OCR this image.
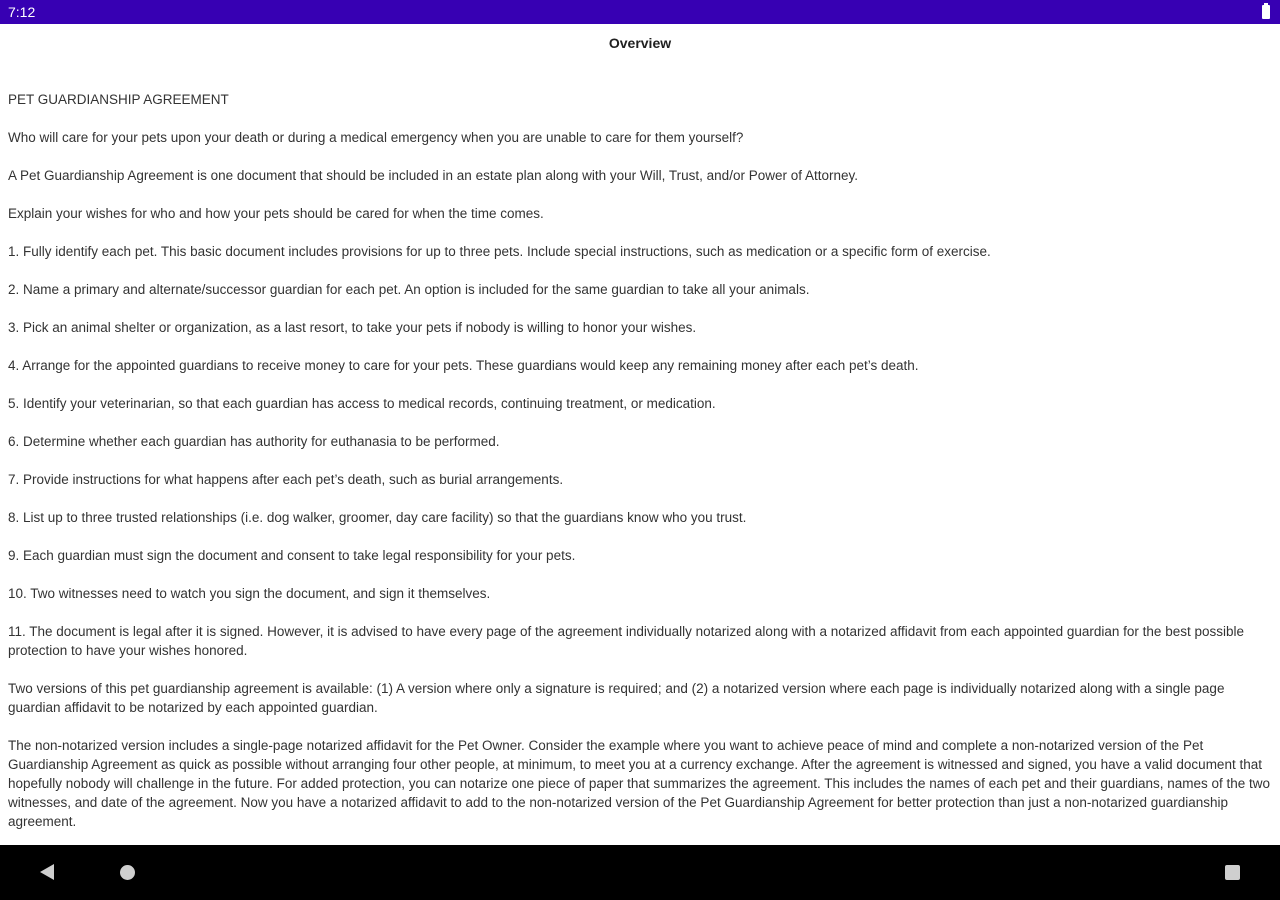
7:12
Overview

PET GUARDIANSHIP AGREEMENT

Who will care for your pets upon your death or during a medical emergency when you are unable to care for them yourself?

A Pet Guardianship Agreement is one document that should be included in an estate plan along with your Will, Trust, and/or Power of Attorney.

Explain your wishes for who and how your pets should be cared for when the time comes.

1. Fully identify each pet. This basic document includes provisions for up to three pets. Include special instructions, such as medication or a specific form of exercise.

2. Name a primary and alternate/successor guardian for each pet. An option is included for the same guardian to take all your animals.

3. Pick an animal shelter or organization, as a last resort, to take your pets if nobody is willing to honor your wishes.

4. Arrange for the appointed guardians to receive money to care for your pets. These guardians would keep any remaining money after each pet’s death.

5. Identify your veterinarian, so that each guardian has access to medical records, continuing treatment, or medication.

6. Determine whether each guardian has authority for euthanasia to be performed.

7. Provide instructions for what happens after each pet’s death, such as burial arrangements.

8. List up to three trusted relationships (i.e. dog walker, groomer, day care facility) so that the guardians know who you trust.

9. Each guardian must sign the document and consent to take legal responsibility for your pets.

10. Two witnesses need to watch you sign the document, and sign it themselves.

11. The document is legal after it is signed. However, it is advised to have every page of the agreement individually notarized along with a notarized affidavit from each appointed guardian for the best possible protection to have your wishes honored.

Two versions of this pet guardianship agreement is available: (1) A version where only a signature is required; and (2) a notarized version where each page is individually notarized along with a single page guardian affidavit to be notarized by each appointed guardian.

The non-notarized version includes a single-page notarized affidavit for the Pet Owner. Consider the example where you want to achieve peace of mind and complete a non-notarized version of the Pet Guardianship Agreement as quick as possible without arranging four other people, at minimum, to meet you at a currency exchange. After the agreement is witnessed and signed, you have a valid document that hopefully nobody will challenge in the future. For added protection, you can notarize one piece of paper that summarizes the agreement. This includes the names of each pet and their guardians, names of the two witnesses, and date of the agreement. Now you have a notarized affidavit to add to the non-notarized version of the Pet Guardianship Agreement for better protection than just a non-notarized guardianship agreement.
